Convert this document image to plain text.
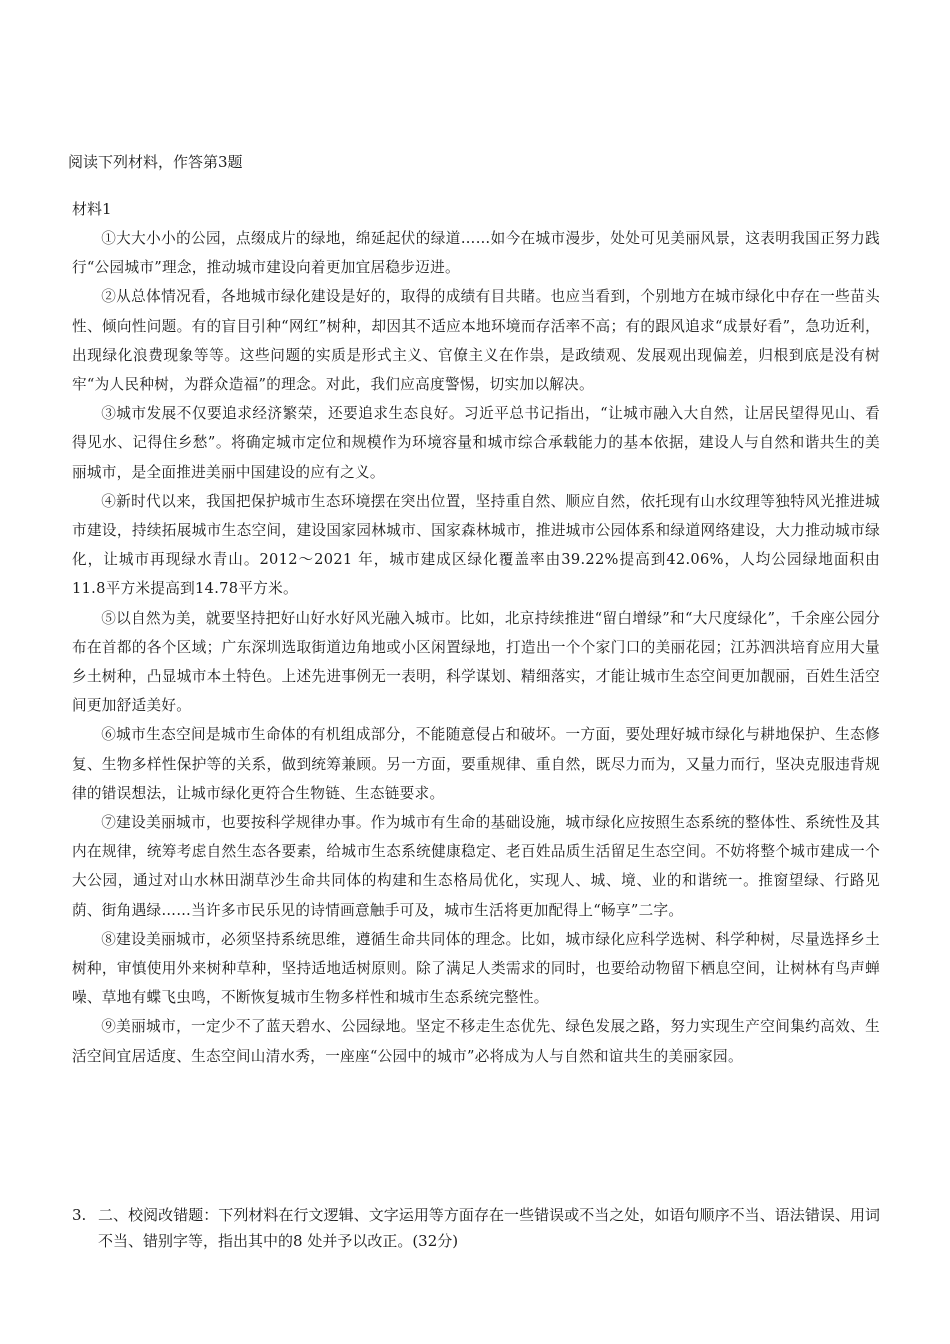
阅读下列材料，作答第3题
材料1

①大大小小的公园，点缀成片的绿地，绵延起伏的绿道……如今在城市漫步，处处可见美丽风景，这表明我国正努力践行“公园城市”理念，推动城市建设向着更加宜居稳步迈进。

②从总体情况看，各地城市绿化建设是好的，取得的成绩有目共睹。也应当看到，个别地方在城市绿化中存在一些苗头性、倾向性问题。有的盲目引种“网红”树种，却因其不适应本地环境而存活率不高；有的跟风追求“成景好看”，急功近利，出现绿化浪费现象等等。这些问题的实质是形式主义、官僚主义在作祟，是政绩观、发展观出现偏差，归根到底是没有树牢“为人民种树，为群众造福”的理念。对此，我们应高度警惕，切实加以解决。

③城市发展不仅要追求经济繁荣，还要追求生态良好。习近平总书记指出，“让城市融入大自然，让居民望得见山、看得见水、记得住乡愁”。将确定城市定位和规模作为环境容量和城市综合承载能力的基本依据，建设人与自然和谐共生的美丽城市，是全面推进美丽中国建设的应有之义。

④新时代以来，我国把保护城市生态环境摆在突出位置，坚持重自然、顺应自然，依托现有山水纹理等独特风光推进城市建设，持续拓展城市生态空间，建设国家园林城市、国家森林城市，推进城市公园体系和绿道网络建设，大力推动城市绿化，让城市再现绿水青山。2012～2021 年，城市建成区绿化覆盖率由39.22%提高到42.06%，人均公园绿地面积由11.8平方米提高到14.78平方米。

⑤以自然为美，就要坚持把好山好水好风光融入城市。比如，北京持续推进“留白增绿”和“大尺度绿化”，千余座公园分布在首都的各个区域；广东深圳选取街道边角地或小区闲置绿地，打造出一个个家门口的美丽花园；江苏泗洪培育应用大量乡土树种，凸显城市本土特色。上述先进事例无一表明，科学谋划、精细落实，才能让城市生态空间更加靓丽，百姓生活空间更加舒适美好。

⑥城市生态空间是城市生命体的有机组成部分，不能随意侵占和破坏。一方面，要处理好城市绿化与耕地保护、生态修复、生物多样性保护等的关系，做到统筹兼顾。另一方面，要重规律、重自然，既尽力而为，又量力而行，坚决克服违背规律的错误想法，让城市绿化更符合生物链、生态链要求。

⑦建设美丽城市，也要按科学规律办事。作为城市有生命的基础设施，城市绿化应按照生态系统的整体性、系统性及其内在规律，统筹考虑自然生态各要素，给城市生态系统健康稳定、老百姓品质生活留足生态空间。不妨将整个城市建成一个大公园，通过对山水林田湖草沙生命共同体的构建和生态格局优化，实现人、城、境、业的和谐统一。推窗望绿、行路见荫、街角遇绿……当许多市民乐见的诗情画意触手可及，城市生活将更加配得上“畅享”二字。

⑧建设美丽城市，必须坚持系统思维，遵循生命共同体的理念。比如，城市绿化应科学选树、科学种树，尽量选择乡土树种，审慎使用外来树种草种，坚持适地适树原则。除了满足人类需求的同时，也要给动物留下栖息空间，让树林有鸟声蝉噪、草地有蝶飞虫鸣，不断恢复城市生物多样性和城市生态系统完整性。

⑨美丽城市，一定少不了蓝天碧水、公园绿地。坚定不移走生态优先、绿色发展之路，努力实现生产空间集约高效、生活空间宜居适度、生态空间山清水秀，一座座“公园中的城市”必将成为人与自然和谊共生的美丽家园。

3. 二、校阅改错题：下列材料在行文逻辑、文字运用等方面存在一些错误或不当之处，如语句顺序不当、语法错误、用词不当、错别字等，指出其中的8 处并予以改正。(32分)
